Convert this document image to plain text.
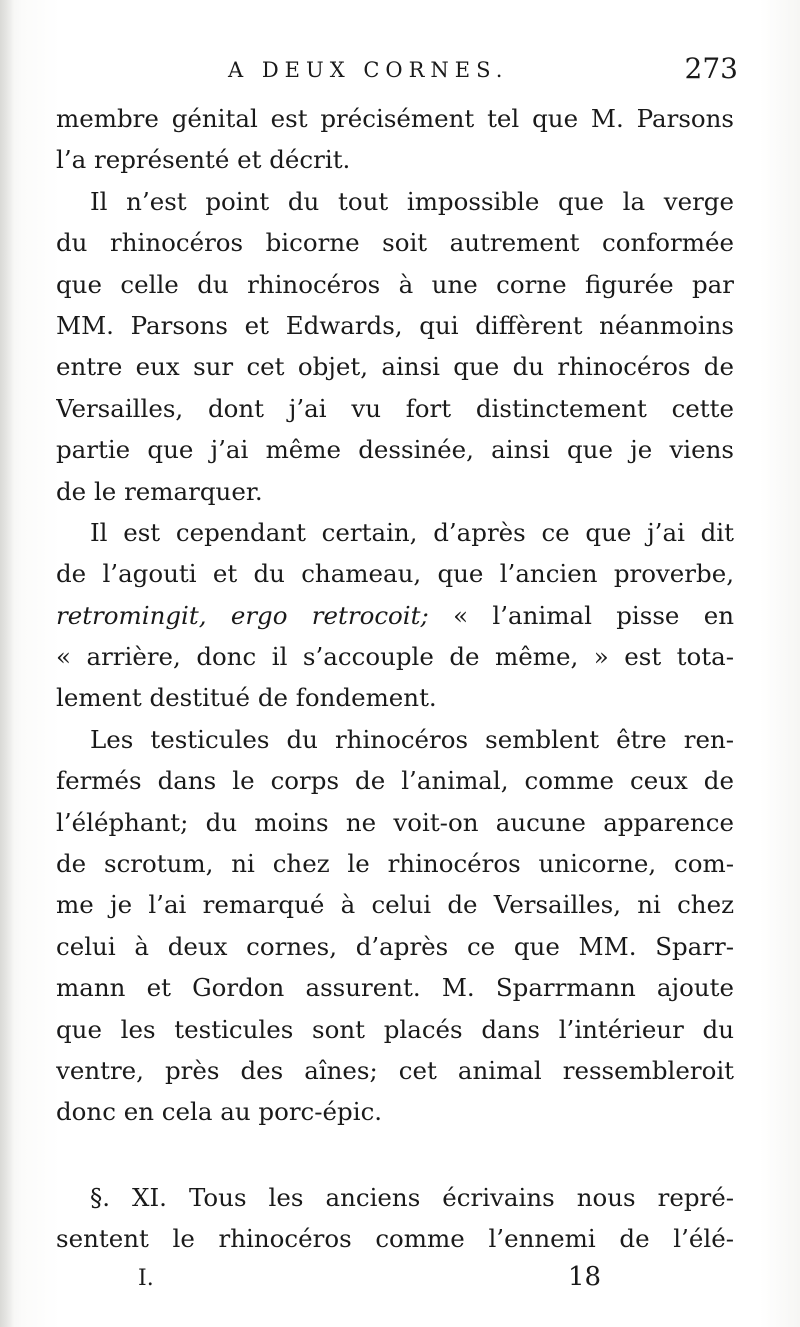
A DEUX CORNES.	273

membre génital est précisément tel que M. Parsons
l’a représenté et décrit.

Il n’est point du tout impossible que la verge
du rhinocéros bicorne soit autrement conformée
que celle du rhinocéros à une corne figurée par
MM. Parsons et Edwards, qui diffèrent néanmoins
entre eux sur cet objet, ainsi que du rhinocéros de
Versailles, dont j’ai vu fort distinctement cette
partie que j’ai même dessinée, ainsi que je viens
de le remarquer.

Il est cependant certain, d’après ce que j’ai dit
de l’agouti et du chameau, que l’ancien proverbe,
retromingit, ergo retrocoit; « l’animal pisse en
« arrière, donc il s’accouple de même, » est tota-
lement destitué de fondement.

Les testicules du rhinocéros semblent être ren-
fermés dans le corps de l’animal, comme ceux de
l’éléphant; du moins ne voit-on aucune apparence
de scrotum, ni chez le rhinocéros unicorne, com-
me je l’ai remarqué à celui de Versailles, ni chez
celui à deux cornes, d’après ce que MM. Sparr-
mann et Gordon assurent. M. Sparrmann ajoute
que les testicules sont placés dans l’intérieur du
ventre, près des aînes; cet animal ressembleroit
donc en cela au porc-épic.

§. XI. Tous les anciens écrivains nous repré-
sentent le rhinocéros comme l’ennemi de l’élé-

I.	18
